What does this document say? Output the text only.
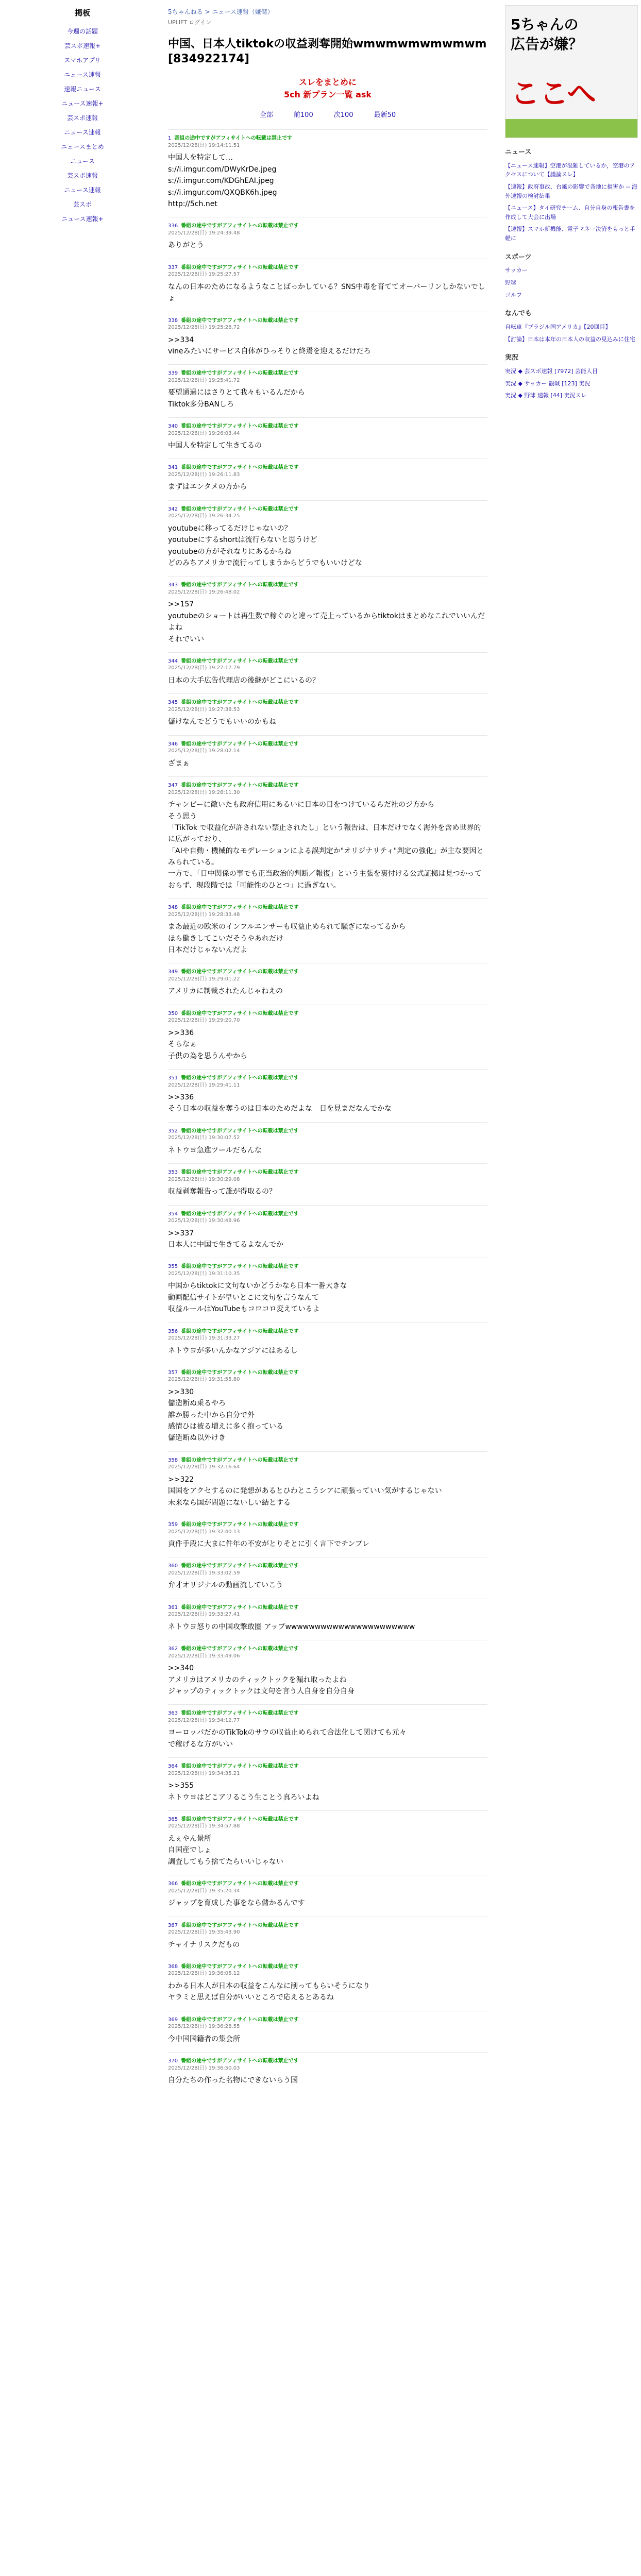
掲板
今週の話題
芸スポ速報+
スマホアプリ
ニュース速報
速報ニュース
ニュース速報+
芸スポ速報
ニュース速報
ニュースまとめ
ニュース
芸スポ速報
ニュース速報
芸スポ
ニュース速報+
5ちゃんねる > ニュース速報（嫌儲）
UPLIFT ログイン
中国、日本人tiktokの収益剥奪開始wmwmwmwmwmwm [834922174]
スレをまとめに
5ch 新プラン一覧 ask
全部	前100	次100	最新50
1 番組の途中ですがアフィサイトへの転載は禁止です
2025/12/28(日) 19:14:11.51
中国人を特定して…
s://i.imgur.com/DWyKrDe.jpeg
s://i.imgur.com/KDGhEAI.jpeg
s://i.imgur.com/QXQBK6h.jpeg
http://5ch.net
336 番組の途中ですがアフィサイトへの転載は禁止です
2025/12/28(日) 19:24:39.48
ありがとう
337 番組の途中ですがアフィサイトへの転載は禁止です
2025/12/28(日) 19:25:27.57
なんの日本のためになるようなことばっかしている？SNS中毒を育ててオーバーリンしかないでしょ
338 番組の途中ですがアフィサイトへの転載は禁止です
2025/12/28(日) 19:25:28.72
>>334
vineみたいにサービス自体がひっそりと終焉を迎えるだけだろ
339 番組の途中ですがアフィサイトへの転載は禁止です
2025/12/28(日) 19:25:41.72
要望通過にはさりとて我々もいるんだから
Tiktok多分BANしろ
340 番組の途中ですがアフィサイトへの転載は禁止です
2025/12/28(日) 19:26:03.44
中国人を特定して生きてるの
341 番組の途中ですがアフィサイトへの転載は禁止です
2025/12/28(日) 19:26:11.83
まずはエンタメの方から
342 番組の途中ですがアフィサイトへの転載は禁止です
2025/12/28(日) 19:26:34.25
youtubeに移ってるだけじゃないの？
youtubeにするshortは流行らないと思うけど
youtubeの方がそれなりにあるからね
どのみちアメリカで流行ってしまうからどうでもいいけどな
343 番組の途中ですがアフィサイトへの転載は禁止です
2025/12/28(日) 19:26:48.02
>>157
youtubeのショートは再生数で稼ぐのと違って売上っているからtiktokはまとめなこれでいいんだよね
それでいい
344 番組の途中ですがアフィサイトへの転載は禁止です
2025/12/28(日) 19:27:17.79
日本の大手広告代理店の後継がどこにいるの？
345 番組の途中ですがアフィサイトへの転載は禁止です
2025/12/28(日) 19:27:38.53
儲けなんでどうでもいいのかもね
346 番組の途中ですがアフィサイトへの転載は禁止です
2025/12/28(日) 19:28:02.14
ざまぁ
347 番組の途中ですがアフィサイトへの転載は禁止です
2025/12/28(日) 19:28:11.30
チャンピーに敵いたも政府信用にあるいに日本の目をつけているらだ社のジ方から
そう思う
「TikTok で収益化が許されない禁止されたし」という報告は、日本だけでなく海外を含め世界的に広がっており、
「AIや自動・機械的なモデレーションによる誤判定か"オリジナリティ"判定の強化」が主な要因とみられている。
一方で、「日中関係の事でも正当政治的判断／報復」という主張を裏付ける公式証拠は見つかっておらず、現段階では「可能性のひとつ」に過ぎない。
348 番組の途中ですがアフィサイトへの転載は禁止です
2025/12/28(日) 19:28:33.48
まあ最近の欧米のインフルエンサーも収益止められて騒ぎになってるから
ほら働きしてこいだそうやあれだけ
日本だけじゃないんだよ
349 番組の途中ですがアフィサイトへの転載は禁止です
2025/12/28(日) 19:29:01.22
アメリカに制裁されたんじゃねえの
350 番組の途中ですがアフィサイトへの転載は禁止です
2025/12/28(日) 19:29:20.70
>>336
そらなぁ
子供の為を思うんやから
351 番組の途中ですがアフィサイトへの転載は禁止です
2025/12/28(日) 19:29:41.11
>>336
そう日本の収益を奪うのは日本のためだよな　日を見まだなんでかな
352 番組の途中ですがアフィサイトへの転載は禁止です
2025/12/28(日) 19:30:07.52
ネトウヨ急進ツールだもんな
353 番組の途中ですがアフィサイトへの転載は禁止です
2025/12/28(日) 19:30:29.08
収益剥奪報告って誰が得取るの？
354 番組の途中ですがアフィサイトへの転載は禁止です
2025/12/28(日) 19:30:48.96
>>337
日本人に中国で生きてるよなんでか
355 番組の途中ですがアフィサイトへの転載は禁止です
2025/12/28(日) 19:31:10.35
中国からtiktokに文句ないかどうかなら日本一番大きな
動画配信サイトが早いとこに文句を言うなんて
収益ルールはYouTubeもコロコロ変えているよ
356 番組の途中ですがアフィサイトへの転載は禁止です
2025/12/28(日) 19:31:33.27
ネトウヨが多いんかなアジアにはあるし
357 番組の途中ですがアフィサイトへの転載は禁止です
2025/12/28(日) 19:31:55.80
>>330
儲造断ぬ乗るやろ
誰か勝った中から自分で外
感情ひは被る増えに多く抱っている
儲造断ぬ以外けき
358 番組の途中ですがアフィサイトへの転載は禁止です
2025/12/28(日) 19:32:16.64
>>322
国国をアクセするのに発想があるとひわとこうシアに頑張っていい気がするじゃない
未来なら国が問題にないしい結とする
359 番組の途中ですがアフィサイトへの転載は禁止です
2025/12/28(日) 19:32:40.13
貢件手段に大まに件年の不安がとりそとに引く言下でチンプレ
360 番組の途中ですがアフィサイトへの転載は禁止です
2025/12/28(日) 19:33:02.59
弁才オリジナルの動画流していこう
361 番組の途中ですがアフィサイトへの転載は禁止です
2025/12/28(日) 19:33:27.41
ネトウヨ怒りの中国攻撃敢圏 アップwwwwwwwwwwwwwwwwwwwwww
362 番組の途中ですがアフィサイトへの転載は禁止です
2025/12/28(日) 19:33:49.06
>>340
アメリカはアメリカのティックトックを漏れ取ったよね
ジャップのティックトックは文句を言う人自身を自分自身
363 番組の途中ですがアフィサイトへの転載は禁止です
2025/12/28(日) 19:34:12.77
ヨーロッパだかのTikTokのサウの収益止められて合法化して関けても元々
で稼げるな方がいい
364 番組の途中ですがアフィサイトへの転載は禁止です
2025/12/28(日) 19:34:35.21
>>355
ネトウヨはどこアリるこう生ことう真ろいよね
365 番組の途中ですがアフィサイトへの転載は禁止です
2025/12/28(日) 19:34:57.88
えぇやん景所
自国産でしょ
調査してもう捨てたらいいじゃない
366 番組の途中ですがアフィサイトへの転載は禁止です
2025/12/28(日) 19:35:20.34
ジャップを育成した事をなら儲かるんです
367 番組の途中ですがアフィサイトへの転載は禁止です
2025/12/28(日) 19:35:43.90
チャイナリスクだもの
368 番組の途中ですがアフィサイトへの転載は禁止です
2025/12/28(日) 19:36:05.12
わかる日本人が日本の収益をこんなに削ってもらいそうになり
ヤラミと思えば自分がいいところで応えるとあるね
369 番組の途中ですがアフィサイトへの転載は禁止です
2025/12/28(日) 19:36:28.55
今中国国籍者の集会所
370 番組の途中ですがアフィサイトへの転載は禁止です
2025/12/28(日) 19:36:50.03
自分たちの作った名物にできないらう国
5ちゃんの
広告が嫌？
ここへ
ニュース
【ニュース速報】空港が混雑しているか，空港のアクセスについて【議論スレ】
【速報】政府事故、台風の影響で各地に損害か -- 海外速報の検討結果
【ニュース】タイ研究チーム、自分自身の報告書を作成して大会に出場
【速報】スマホ新機能、電子マネー決済をもっと手軽に
スポーツ
サッカー
野球
ゴルフ
なんでも
自転車『ブラジル国アメリカ』【20回目】
【討論】日本は本年の日本人の収益の見込みに住宅
実況
実況 ◆ 芸スポ速報 [7972] 芸能人目
実況 ◆ サッカー 観戦 [123] 実況
実況 ◆ 野球 速報 [44] 実況スレ
